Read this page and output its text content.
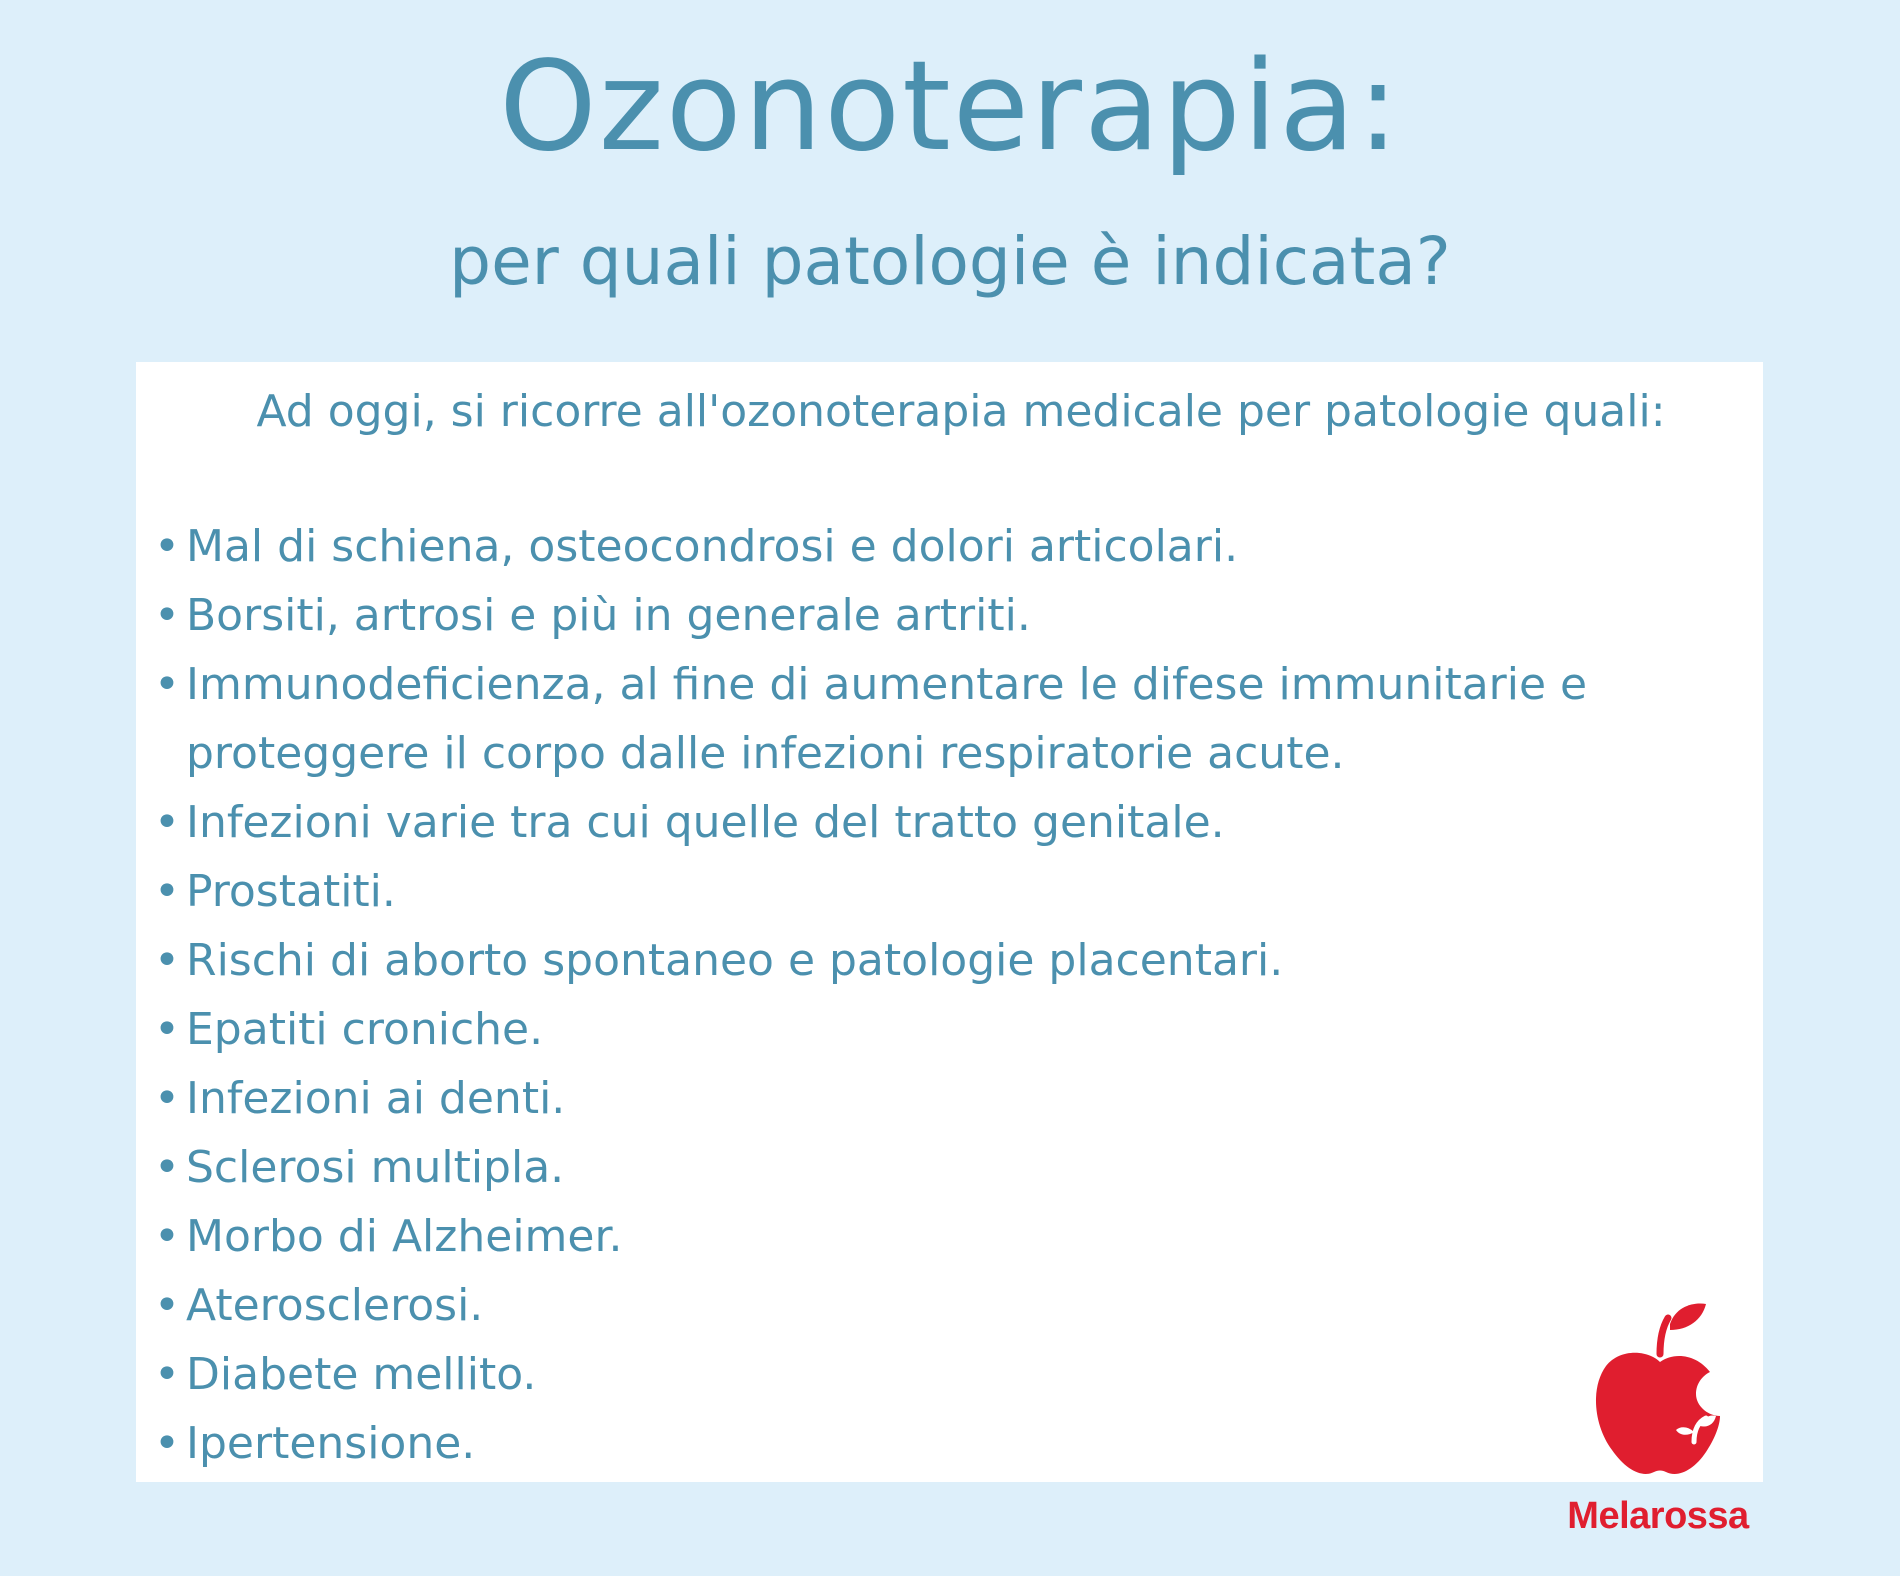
Ozonoterapia:
per quali patologie è indicata?
Ad oggi, si ricorre all'ozonoterapia medicale per patologie quali:
• Mal di schiena, osteocondrosi e dolori articolari.
• Borsiti, artrosi e più in generale artriti.
• Immunodeficienza, al fine di aumentare le difese immunitarie e
proteggere il corpo dalle infezioni respiratorie acute.
• Infezioni varie tra cui quelle del tratto genitale.
• Prostatiti.
• Rischi di aborto spontaneo e patologie placentari.
• Epatiti croniche.
• Infezioni ai denti.
• Sclerosi multipla.
• Morbo di Alzheimer.
• Aterosclerosi.
• Diabete mellito.
• Ipertensione.
Melarossa
